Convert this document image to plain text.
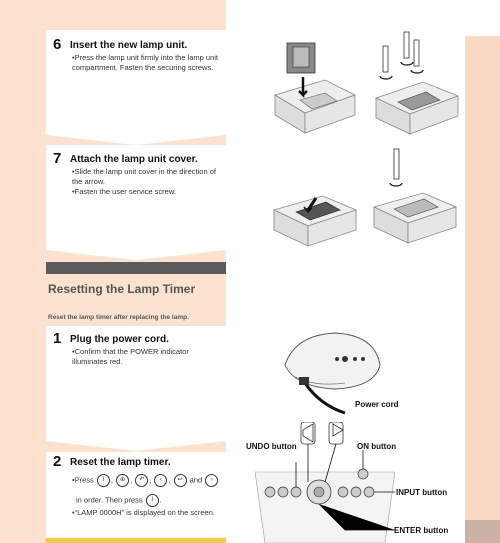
6 Insert the new lamp unit.
•Press the lamp unit firmly into the lamp unit compartment. Fasten the securing screws.
7 Attach the lamp unit cover.
•Slide the lamp unit cover in the direction of the arrow.
•Fasten the user service screw.
Resetting the Lamp Timer
Reset the lamp timer after replacing the lamp.
1 Plug the power cord.
•Confirm that the POWER indicator illuminates red.
2 Reset the lamp timer.
•Press I , ⊕ , ↶ , ‹ , ↵ and ›
in order. Then press I .
•“LAMP 0000H” is displayed on the screen.
Power cord
UNDO button	ON button
INPUT button
ENTER button
